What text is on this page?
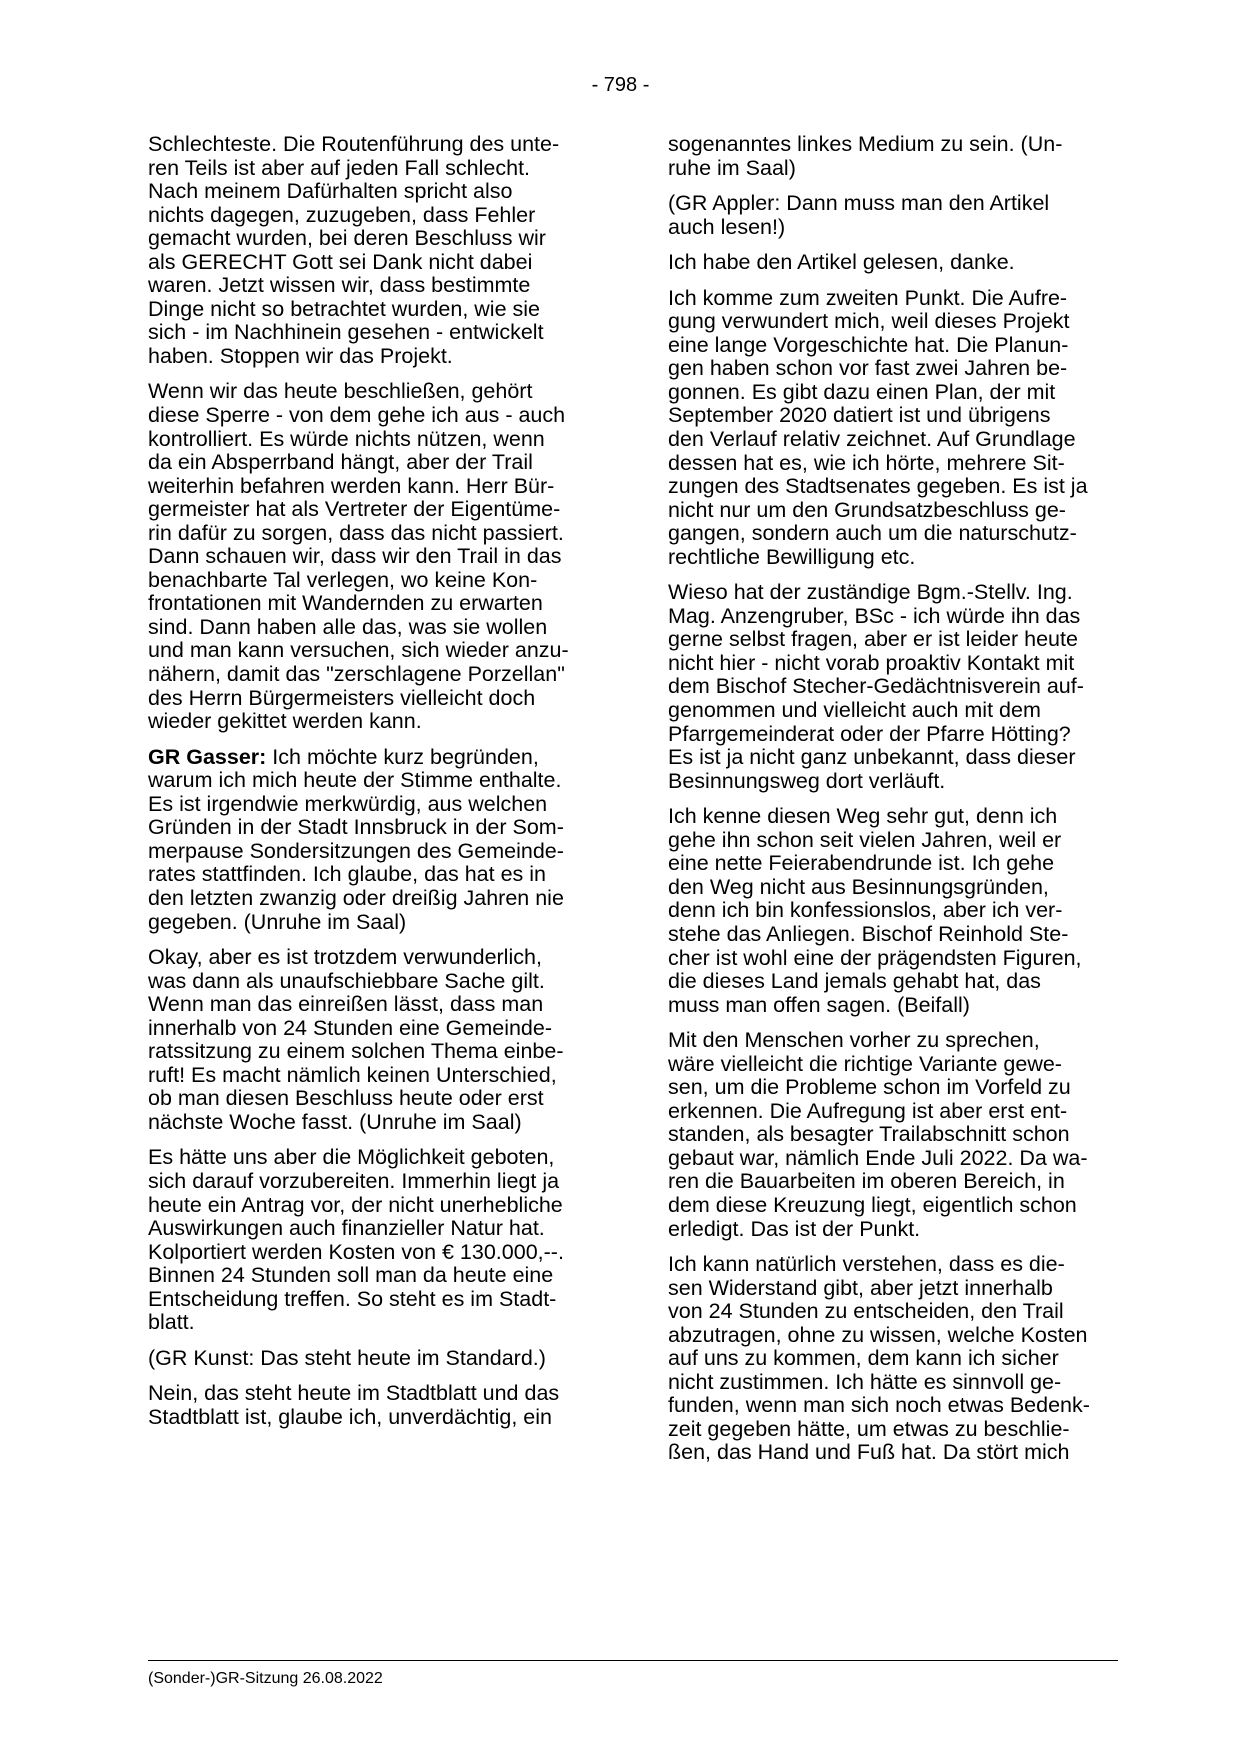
- 798 -

Schlechteste. Die Routenführung des unte-
ren Teils ist aber auf jeden Fall schlecht.
Nach meinem Dafürhalten spricht also
nichts dagegen, zuzugeben, dass Fehler
gemacht wurden, bei deren Beschluss wir
als GERECHT Gott sei Dank nicht dabei
waren. Jetzt wissen wir, dass bestimmte
Dinge nicht so betrachtet wurden, wie sie
sich - im Nachhinein gesehen - entwickelt
haben. Stoppen wir das Projekt.

Wenn wir das heute beschließen, gehört
diese Sperre - von dem gehe ich aus - auch
kontrolliert. Es würde nichts nützen, wenn
da ein Absperrband hängt, aber der Trail
weiterhin befahren werden kann. Herr Bür-
germeister hat als Vertreter der Eigentüme-
rin dafür zu sorgen, dass das nicht passiert.
Dann schauen wir, dass wir den Trail in das
benachbarte Tal verlegen, wo keine Kon-
frontationen mit Wandernden zu erwarten
sind. Dann haben alle das, was sie wollen
und man kann versuchen, sich wieder anzu-
nähern, damit das "zerschlagene Porzellan"
des Herrn Bürgermeisters vielleicht doch
wieder gekittet werden kann.

GR Gasser: Ich möchte kurz begründen,
warum ich mich heute der Stimme enthalte.
Es ist irgendwie merkwürdig, aus welchen
Gründen in der Stadt Innsbruck in der Som-
merpause Sondersitzungen des Gemeinde-
rates stattfinden. Ich glaube, das hat es in
den letzten zwanzig oder dreißig Jahren nie
gegeben. (Unruhe im Saal)

Okay, aber es ist trotzdem verwunderlich,
was dann als unaufschiebbare Sache gilt.
Wenn man das einreißen lässt, dass man
innerhalb von 24 Stunden eine Gemeinde-
ratssitzung zu einem solchen Thema einbe-
ruft! Es macht nämlich keinen Unterschied,
ob man diesen Beschluss heute oder erst
nächste Woche fasst. (Unruhe im Saal)

Es hätte uns aber die Möglichkeit geboten,
sich darauf vorzubereiten. Immerhin liegt ja
heute ein Antrag vor, der nicht unerhebliche
Auswirkungen auch finanzieller Natur hat.
Kolportiert werden Kosten von € 130.000,--.
Binnen 24 Stunden soll man da heute eine
Entscheidung treffen. So steht es im Stadt-
blatt.

(GR Kunst: Das steht heute im Standard.)

Nein, das steht heute im Stadtblatt und das
Stadtblatt ist, glaube ich, unverdächtig, ein

sogenanntes linkes Medium zu sein. (Un-
ruhe im Saal)

(GR Appler: Dann muss man den Artikel
auch lesen!)

Ich habe den Artikel gelesen, danke.

Ich komme zum zweiten Punkt. Die Aufre-
gung verwundert mich, weil dieses Projekt
eine lange Vorgeschichte hat. Die Planun-
gen haben schon vor fast zwei Jahren be-
gonnen. Es gibt dazu einen Plan, der mit
September 2020 datiert ist und übrigens
den Verlauf relativ zeichnet. Auf Grundlage
dessen hat es, wie ich hörte, mehrere Sit-
zungen des Stadtsenates gegeben. Es ist ja
nicht nur um den Grundsatzbeschluss ge-
gangen, sondern auch um die naturschutz-
rechtliche Bewilligung etc.

Wieso hat der zuständige Bgm.-Stellv. Ing.
Mag. Anzengruber, BSc - ich würde ihn das
gerne selbst fragen, aber er ist leider heute
nicht hier - nicht vorab proaktiv Kontakt mit
dem Bischof Stecher-Gedächtnisverein auf-
genommen und vielleicht auch mit dem
Pfarrgemeinderat oder der Pfarre Hötting?
Es ist ja nicht ganz unbekannt, dass dieser
Besinnungsweg dort verläuft.

Ich kenne diesen Weg sehr gut, denn ich
gehe ihn schon seit vielen Jahren, weil er
eine nette Feierabendrunde ist. Ich gehe
den Weg nicht aus Besinnungsgründen,
denn ich bin konfessionslos, aber ich ver-
stehe das Anliegen. Bischof Reinhold Ste-
cher ist wohl eine der prägendsten Figuren,
die dieses Land jemals gehabt hat, das
muss man offen sagen. (Beifall)

Mit den Menschen vorher zu sprechen,
wäre vielleicht die richtige Variante gewe-
sen, um die Probleme schon im Vorfeld zu
erkennen. Die Aufregung ist aber erst ent-
standen, als besagter Trailabschnitt schon
gebaut war, nämlich Ende Juli 2022. Da wa-
ren die Bauarbeiten im oberen Bereich, in
dem diese Kreuzung liegt, eigentlich schon
erledigt. Das ist der Punkt.

Ich kann natürlich verstehen, dass es die-
sen Widerstand gibt, aber jetzt innerhalb
von 24 Stunden zu entscheiden, den Trail
abzutragen, ohne zu wissen, welche Kosten
auf uns zu kommen, dem kann ich sicher
nicht zustimmen. Ich hätte es sinnvoll ge-
funden, wenn man sich noch etwas Bedenk-
zeit gegeben hätte, um etwas zu beschlie-
ßen, das Hand und Fuß hat. Da stört mich

(Sonder-)GR-Sitzung 26.08.2022
